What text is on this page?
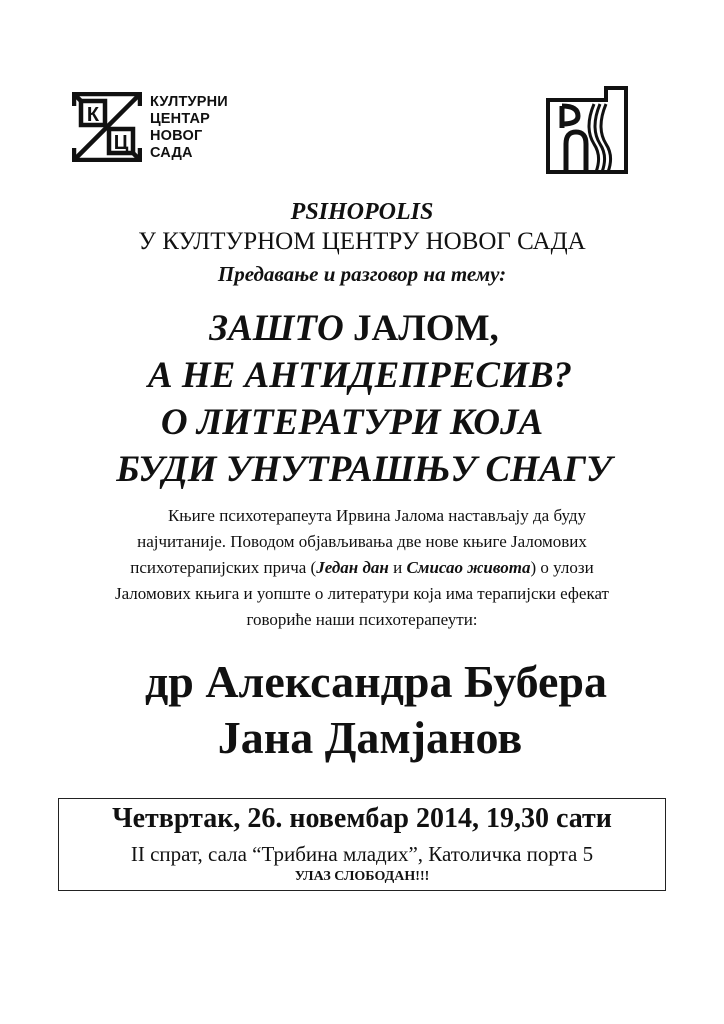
К
Ц
КУЛТУРНИ
ЦЕНТАР
НОВОГ
САДА
PSIHOPOLIS
У КУЛТУРНОМ ЦЕНТРУ НОВОГ САДА
Предавање и разговор на тему:
ЗАШТО ЈАЛОМ,
А НЕ АНТИДЕПРЕСИВ?
О ЛИТЕРАТУРИ КОЈА
БУДИ УНУТРАШЊУ СНАГУ
Књиге психотерапеута Ирвина Јалома настављају да буду
најчитаније. Поводом објављивања две нове књиге Јаломових
психотерапијских прича (Један дан и Смисао живота) о улози
Јаломових књига и уопште о литератури која има терапијски ефекат
говориће наши психотерапеути:
др Александра Бубера
Јана Дамјанов
Четвртак, 26. новембар 2014, 19,30 сати
II спрат, сала “Трибина младих”, Католичка порта 5
УЛАЗ СЛОБОДАН!!!
